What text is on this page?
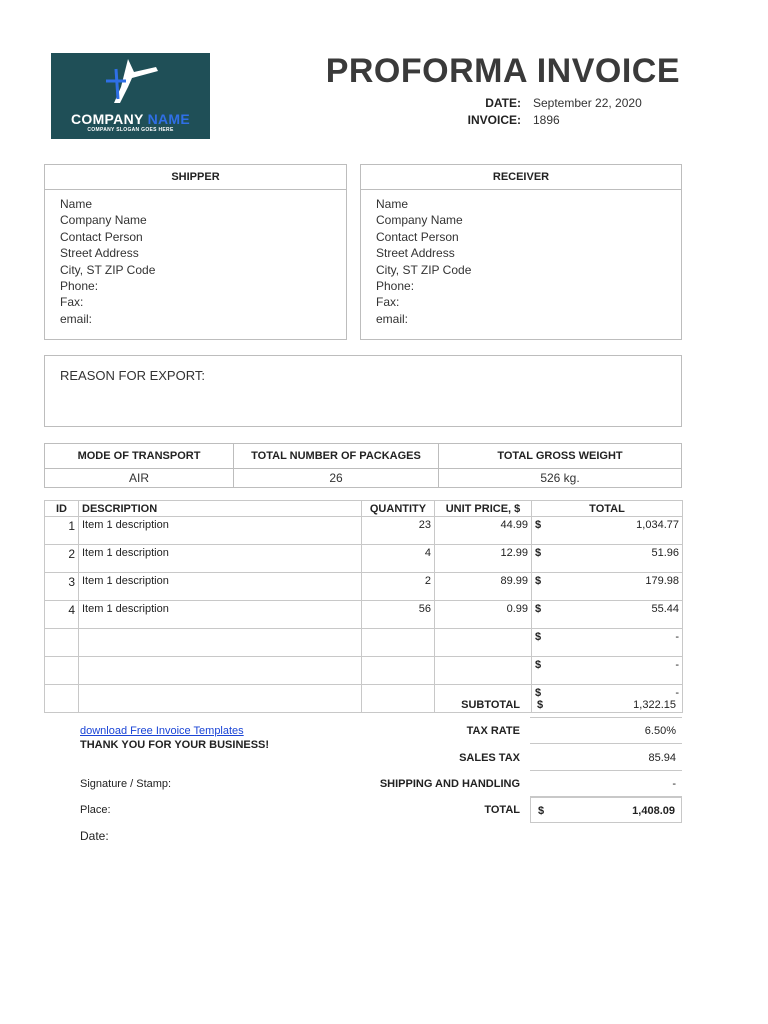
COMPANY NAME
COMPANY SLOGAN GOES HERE
PROFORMA INVOICE
DATE: September 22, 2020
INVOICE: 1896
SHIPPER
Name
Company Name
Contact Person
Street Address
City, ST ZIP Code
Phone:
Fax:
email:
RECEIVER
Name
Company Name
Contact Person
Street Address
City, ST ZIP Code
Phone:
Fax:
email:
REASON FOR EXPORT:
MODE OF TRANSPORT	TOTAL NUMBER OF PACKAGES	TOTAL GROSS WEIGHT
AIR	26	526 kg.
ID	DESCRIPTION	QUANTITY	UNIT PRICE, $	TOTAL	
1	Item 1 description	23	44.99	$	1,034.77
2	Item 1 description	4	12.99	$	51.96
3	Item 1 description	2	89.99	$	179.98
4	Item 1 description	56	0.99	$	55.44
				$	-
				$	-
				$	-
SUBTOTAL $	1,322.15
TAX RATE	6.50%
SALES TAX	85.94
SHIPPING AND HANDLING	-
TOTAL $	1,408.09
download Free Invoice Templates
THANK YOU FOR YOUR BUSINESS!
Signature / Stamp:
Place:
Date:
